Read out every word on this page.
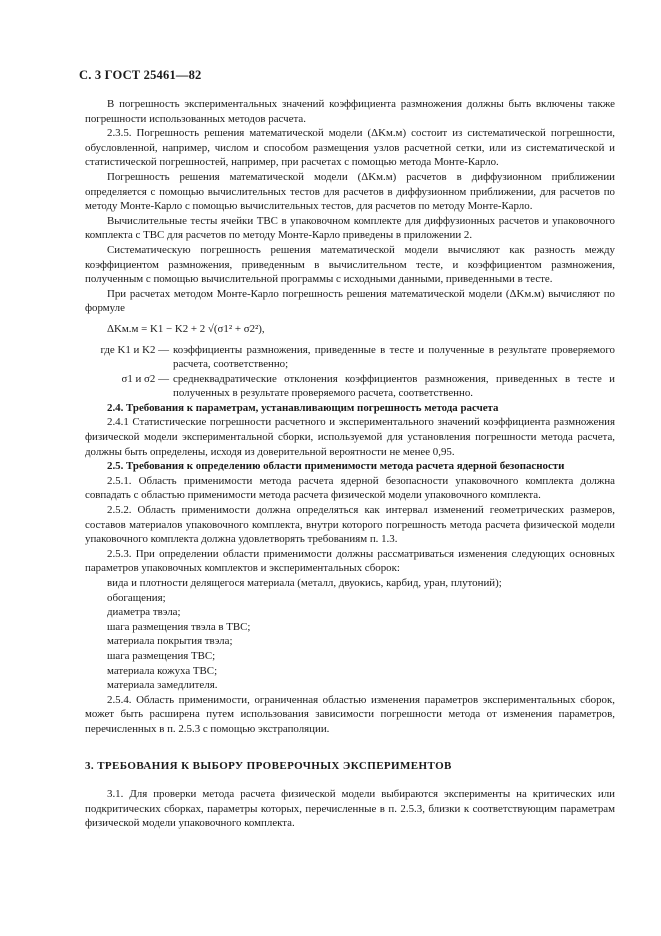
С. 3 ГОСТ 25461—82

В погрешность экспериментальных значений коэффициента размножения должны быть включены также погрешности использованных методов расчета.

2.3.5. Погрешность решения математической модели (ΔKм.м) состоит из систематической погрешности, обусловленной, например, числом и способом размещения узлов расчетной сетки, или из систематической и статистической погрешностей, например, при расчетах с помощью метода Монте-Карло.

Погрешность решения математической модели (ΔKм.м) расчетов в диффузионном приближении определяется с помощью вычислительных тестов для расчетов в диффузионном приближении, для расчетов по методу Монте-Карло с помощью вычислительных тестов, для расчетов по методу Монте-Карло.

Вычислительные тесты ячейки ТВС в упаковочном комплекте для диффузионных расчетов и упаковочного комплекта с ТВС для расчетов по методу Монте-Карло приведены в приложении 2.

Систематическую погрешность решения математической модели вычисляют как разность между коэффициентом размножения, приведенным в вычислительном тесте, и коэффициентом размножения, полученным с помощью вычислительной программы с исходными данными, приведенными в тесте.

При расчетах методом Монте-Карло погрешность решения математической модели (ΔKм.м) вычисляют по формуле

ΔKм.м = K1 − K2 + 2 √(σ1² + σ2²),

где K1 и K2 — коэффициенты размножения, приведенные в тесте и полученные в результате проверяемого расчета, соответственно;
σ1 и σ2 — среднеквадратические отклонения коэффициентов размножения, приведенных в тесте и полученных в результате проверяемого расчета, соответственно.

2.4. Требования к параметрам, устанавливающим погрешность метода расчета

2.4.1 Статистические погрешности расчетного и экспериментального значений коэффициента размножения физической модели экспериментальной сборки, используемой для установления погрешности метода расчета, должны быть определены, исходя из доверительной вероятности не менее 0,95.

2.5. Требования к определению области применимости метода расчета ядерной безопасности

2.5.1. Область применимости метода расчета ядерной безопасности упаковочного комплекта должна совпадать с областью применимости метода расчета физической модели упаковочного комплекта.

2.5.2. Область применимости должна определяться как интервал изменений геометрических размеров, составов материалов упаковочного комплекта, внутри которого погрешность метода расчета физической модели упаковочного комплекта должна удовлетворять требованиям п. 1.3.

2.5.3. При определении области применимости должны рассматриваться изменения следующих основных параметров упаковочных комплектов и экспериментальных сборок:

вида и плотности делящегося материала (металл, двуокись, карбид, уран, плутоний);

обогащения;

диаметра твэла;

шага размещения твэла в ТВС;

материала покрытия твэла;

шага размещения ТВС;

материала кожуха ТВС;

материала замедлителя.

2.5.4. Область применимости, ограниченная областью изменения параметров экспериментальных сборок, может быть расширена путем использования зависимости погрешности метода от изменения параметров, перечисленных в п. 2.5.3 с помощью экстраполяции.

3. ТРЕБОВАНИЯ К ВЫБОРУ ПРОВЕРОЧНЫХ ЭКСПЕРИМЕНТОВ

3.1. Для проверки метода расчета физической модели выбираются эксперименты на критических или подкритических сборках, параметры которых, перечисленные в п. 2.5.3, близки к соответствующим параметрам физической модели упаковочного комплекта.
